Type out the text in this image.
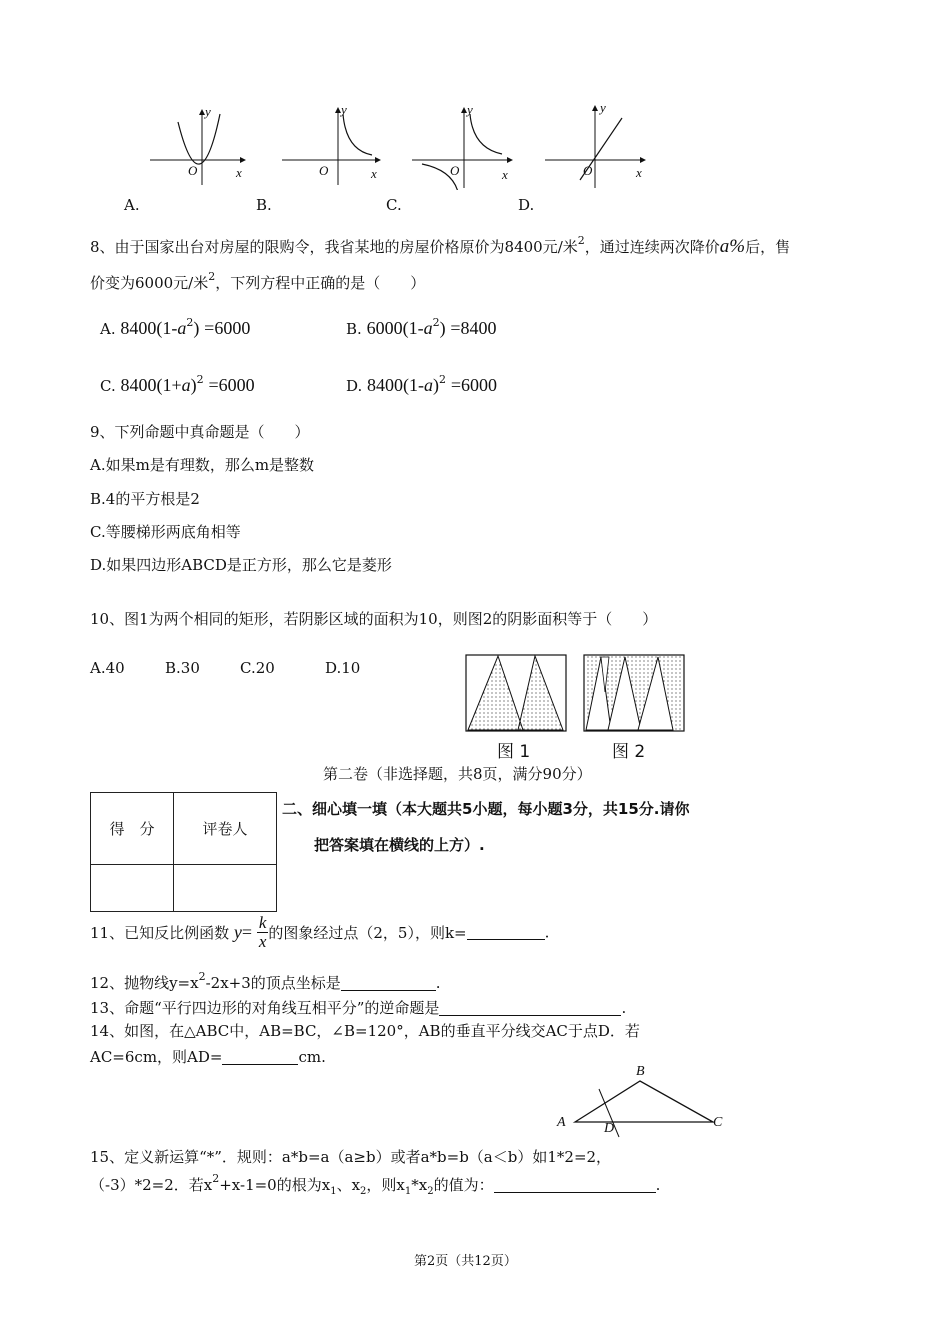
y
O	x
y
O	x
y
O	x
y
O	x
A.	B.	C.	D.
8、由于国家出台对房屋的限购令，我省某地的房屋价格原价为8400元/米$^2$，通过连续两次降价a%后，售
价变为6000元/米$^2$，下列方程中正确的是（　　）
A. $8400(1-a^2) =6000$	B. $6000(1-a^2) =8400$
C. $8400(1+a)^2 =6000$	D. $8400(1-a)^2 =6000$
9、下列命题中真命题是（　　）
A.如果m是有理数，那么m是整数
B.4的平方根是2
C.等腰梯形两底角相等
D.如果四边形ABCD是正方形，那么它是菱形
10、图1为两个相同的矩形，若阴影区域的面积为10，则图2的阴影面积等于（　　）
A.40	B.30	C.20	D.10
图 1	图 2
第二卷（非选择题，共8页，满分90分）
得　分	评卷人

二、细心填一填（本大题共5小题，每小题3分，共15分.请你
把答案填在横线的上方）.
11、已知反比例函数 $y= \frac{k}{x}$ 的图象经过点（2，5），则k=	.
12、抛物线$y=x^2-2x+3$的顶点坐标是	.
13、命题“平行四边形的对角线互相平分”的逆命题是	.
14、如图，在△ABC中，AB=BC，∠B=120°，AB的垂直平分线交AC于点D．若
AC=6cm，则AD=	cm.
B
A	C
D
15、定义新运算“*”．规则：a*b=a（a≥b）或者a*b=b（a＜b）如1*2=2，
（-3）*2=2．若$x^2+x-1=0$的根为$x_1$、$x_2$，则$x_1*x_2$的值为：	.
第2页（共12页）
